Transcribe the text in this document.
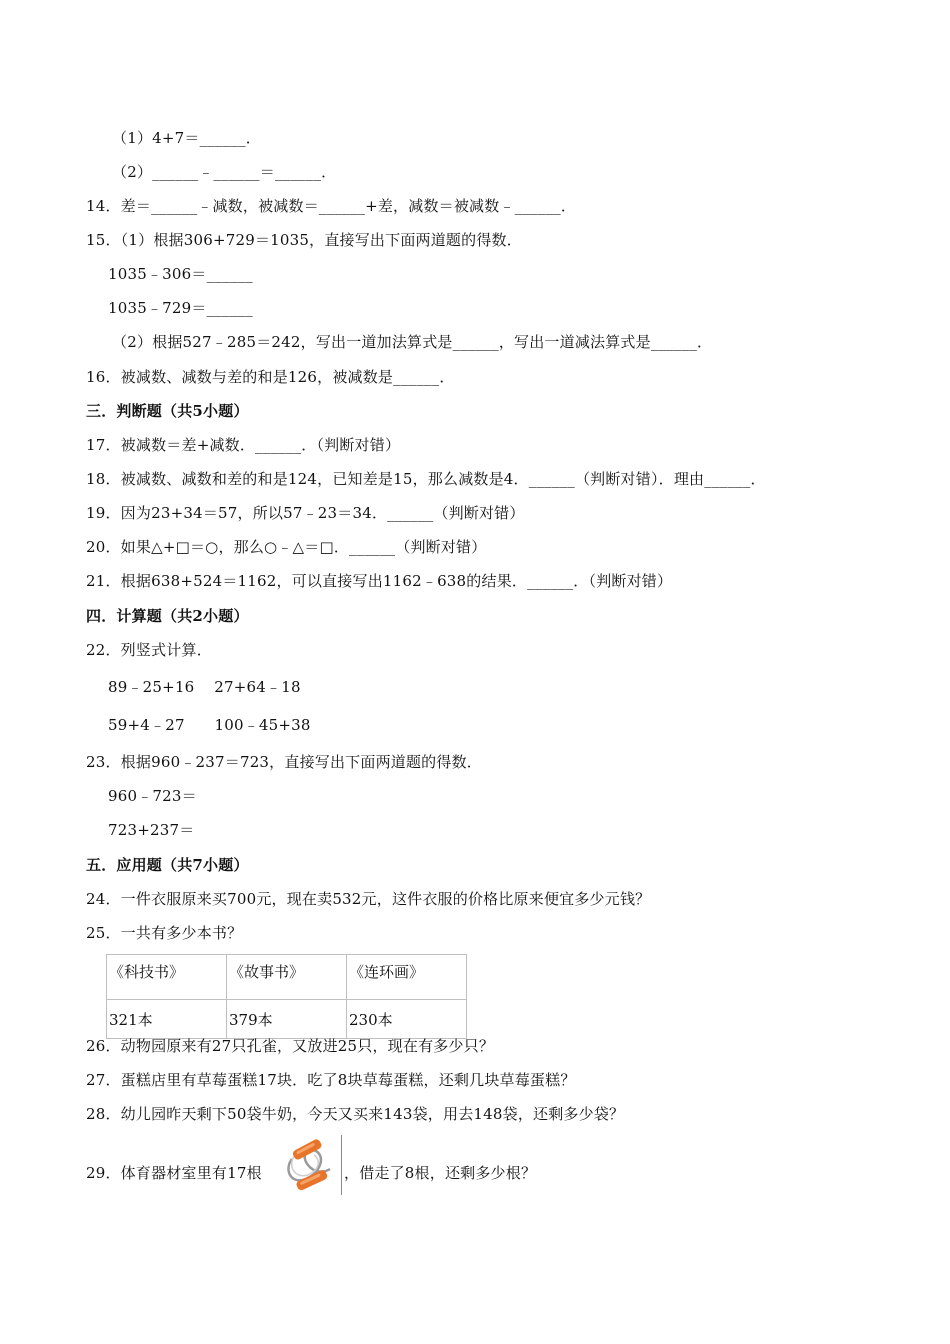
（1）4+7＝______．
（2）______﹣______＝______．
14．差＝______﹣减数，被减数＝______+差，减数＝被减数﹣______．
15．（1）根据306+729＝1035，直接写出下面两道题的得数．
1035﹣306＝______
1035﹣729＝______
（2）根据527﹣285＝242，写出一道加法算式是______，写出一道减法算式是______．
16．被减数、减数与差的和是126，被减数是______．
三．判断题（共5小题）
17．被减数＝差+减数．______．（判断对错）
18．被减数、减数和差的和是124，已知差是15，那么减数是4．______（判断对错）．理由______．
19．因为23+34＝57，所以57﹣23＝34．______（判断对错）
20．如果△+□＝○，那么○﹣△＝□．______（判断对错）
21．根据638+524＝1162，可以直接写出1162﹣638的结果．______．（判断对错）
四．计算题（共2小题）
22．列竖式计算．
89﹣25+16    27+64﹣18
59+4﹣27      100﹣45+38
23．根据960﹣237＝723，直接写出下面两道题的得数．
960﹣723＝
723+237＝
五．应用题（共7小题）
24．一件衣服原来买700元，现在卖532元，这件衣服的价格比原来便宜多少元钱？
25．一共有多少本书？
《科技书》	《故事书》	《连环画》
321本	379本	230本
26．动物园原来有27只孔雀，又放进25只，现在有多少只？
27．蛋糕店里有草莓蛋糕17块．吃了8块草莓蛋糕，还剩几块草莓蛋糕？
28．幼儿园昨天剩下50袋牛奶，今天又买来143袋，用去148袋，还剩多少袋？
29．体育器材室里有17根	，借走了8根，还剩多少根？
